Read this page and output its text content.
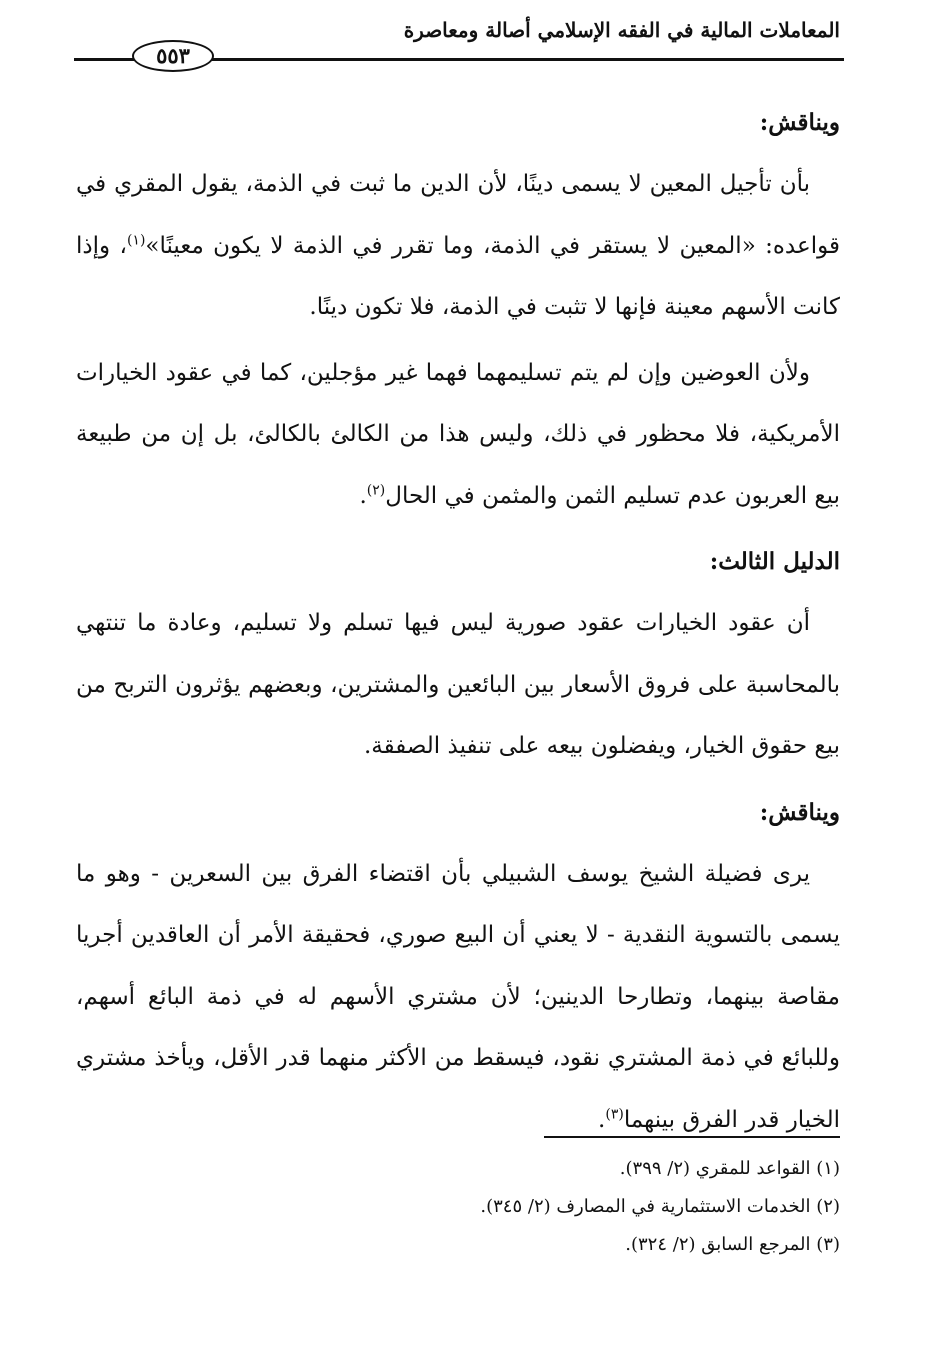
المعاملات المالية في الفقه الإسلامي أصالة ومعاصرة
٥٥٣

ويناقش:

بأن تأجيل المعين لا يسمى دينًا، لأن الدين ما ثبت في الذمة، يقول المقري في قواعده: «المعين لا يستقر في الذمة، وما تقرر في الذمة لا يكون معينًا»$^{(١)}$، وإذا كانت الأسهم معينة فإنها لا تثبت في الذمة، فلا تكون دينًا.

ولأن العوضين وإن لم يتم تسليمهما فهما غير مؤجلين، كما في عقود الخيارات الأمريكية، فلا محظور في ذلك، وليس هذا من الكالئ بالكالئ، بل إن من طبيعة بيع العربون عدم تسليم الثمن والمثمن في الحال$^{(٢)}$.

الدليل الثالث:

أن عقود الخيارات عقود صورية ليس فيها تسلم ولا تسليم، وعادة ما تنتهي بالمحاسبة على فروق الأسعار بين البائعين والمشترين، وبعضهم يؤثرون التربح من بيع حقوق الخيار، ويفضلون بيعه على تنفيذ الصفقة.

ويناقش:

يرى فضيلة الشيخ يوسف الشبيلي بأن اقتضاء الفرق بين السعرين - وهو ما يسمى بالتسوية النقدية - لا يعني أن البيع صوري، فحقيقة الأمر أن العاقدين أجريا مقاصة بينهما، وتطارحا الدينين؛ لأن مشتري الأسهم له في ذمة البائع أسهم، وللبائع في ذمة المشتري نقود، فيسقط من الأكثر منهما قدر الأقل، ويأخذ مشتري الخيار قدر الفرق بينهما$^{(٣)}$.

(١) القواعد للمقري (٢/ ٣٩٩).

(٢) الخدمات الاستثمارية في المصارف (٢/ ٣٤٥).

(٣) المرجع السابق (٢/ ٣٢٤).
